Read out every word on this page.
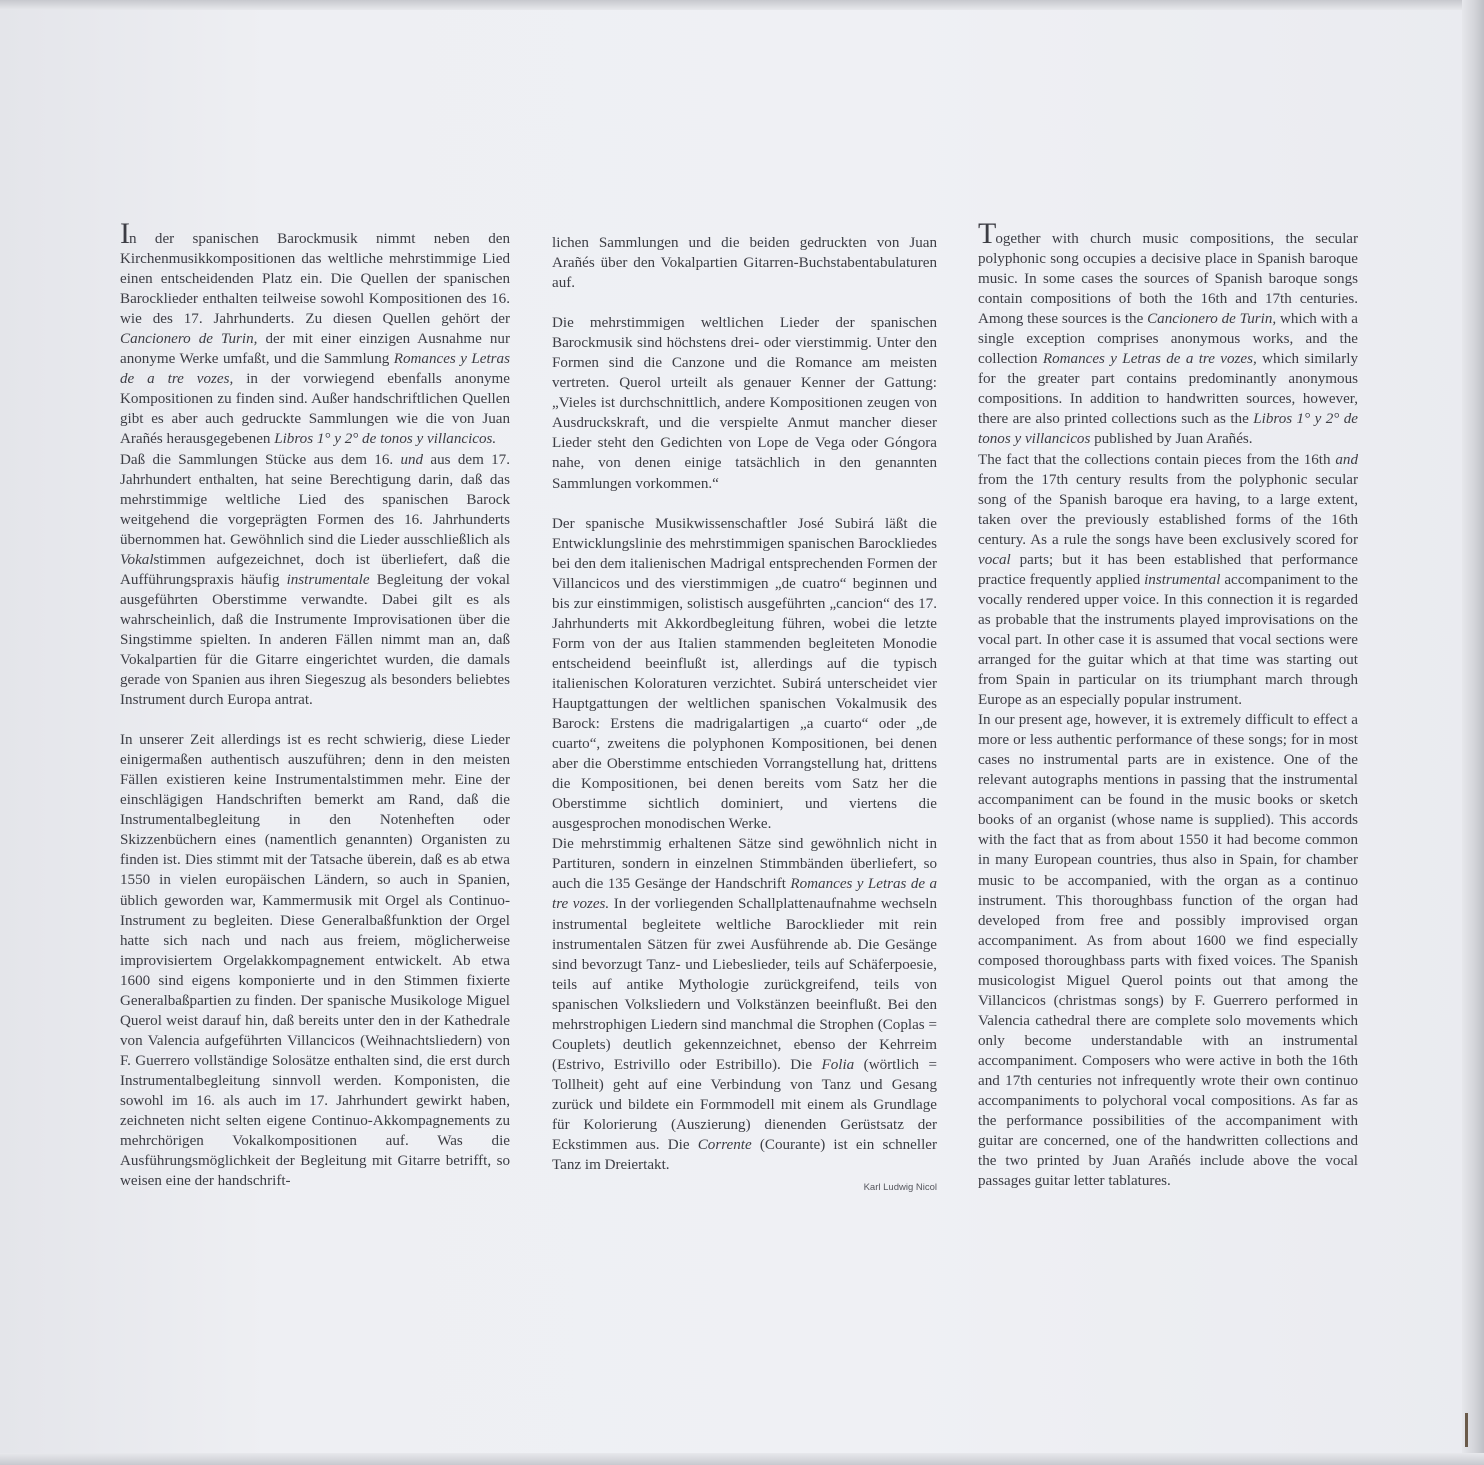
In der spanischen Barockmusik nimmt neben den Kirchenmusikkompositionen das weltliche mehrstimmige Lied einen entscheidenden Platz ein. Die Quellen der spanischen Barocklieder enthalten teilweise sowohl Kompositionen des 16. wie des 17. Jahrhunderts. Zu diesen Quellen gehört der Cancionero de Turin, der mit einer einzigen Ausnahme nur anonyme Werke umfaßt, und die Sammlung Romances y Letras de a tre vozes, in der vorwiegend ebenfalls anonyme Kompositionen zu finden sind. Außer handschriftlichen Quellen gibt es aber auch gedruckte Sammlungen wie die von Juan Arañés herausgegebenen Libros 1° y 2° de tonos y villancicos.

Daß die Sammlungen Stücke aus dem 16. und aus dem 17. Jahrhundert enthalten, hat seine Berechtigung darin, daß das mehrstimmige weltliche Lied des spanischen Barock weitgehend die vorgeprägten Formen des 16. Jahrhunderts übernommen hat. Gewöhnlich sind die Lieder ausschließlich als Vokalstimmen aufgezeichnet, doch ist überliefert, daß die Aufführungspraxis häufig instrumentale Begleitung der vokal ausgeführten Oberstimme verwandte. Dabei gilt es als wahrscheinlich, daß die Instrumente Improvisationen über die Singstimme spielten. In anderen Fällen nimmt man an, daß Vokalpartien für die Gitarre eingerichtet wurden, die damals gerade von Spanien aus ihren Siegeszug als besonders beliebtes Instrument durch Europa antrat.

In unserer Zeit allerdings ist es recht schwierig, diese Lieder einigermaßen authentisch auszuführen; denn in den meisten Fällen existieren keine Instrumentalstimmen mehr. Eine der einschlägigen Handschriften bemerkt am Rand, daß die Instrumentalbegleitung in den Notenheften oder Skizzenbüchern eines (namentlich genannten) Organisten zu finden ist. Dies stimmt mit der Tatsache überein, daß es ab etwa 1550 in vielen europäischen Ländern, so auch in Spanien, üblich geworden war, Kammermusik mit Orgel als Continuo-Instrument zu begleiten. Diese Generalbaßfunktion der Orgel hatte sich nach und nach aus freiem, möglicherweise improvisiertem Orgelakkompagnement entwickelt. Ab etwa 1600 sind eigens komponierte und in den Stimmen fixierte Generalbaßpartien zu finden. Der spanische Musikologe Miguel Querol weist darauf hin, daß bereits unter den in der Kathedrale von Valencia aufgeführten Villancicos (Weihnachtsliedern) von F. Guerrero vollständige Solosätze enthalten sind, die erst durch Instrumentalbegleitung sinnvoll werden. Komponisten, die sowohl im 16. als auch im 17. Jahrhundert gewirkt haben, zeichneten nicht selten eigene Continuo-Akkompagnements zu mehrchörigen Vokalkompositionen auf. Was die Ausführungsmöglichkeit der Begleitung mit Gitarre betrifft, so weisen eine der handschrift-

lichen Sammlungen und die beiden gedruckten von Juan Arañés über den Vokalpartien Gitarren-Buchstabentabulaturen auf.

Die mehrstimmigen weltlichen Lieder der spanischen Barockmusik sind höchstens drei- oder vierstimmig. Unter den Formen sind die Canzone und die Romance am meisten vertreten. Querol urteilt als genauer Kenner der Gattung: „Vieles ist durchschnittlich, andere Kompositionen zeugen von Ausdruckskraft, und die verspielte Anmut mancher dieser Lieder steht den Gedichten von Lope de Vega oder Góngora nahe, von denen einige tatsächlich in den genannten Sammlungen vorkommen.“

Der spanische Musikwissenschaftler José Subirá läßt die Entwicklungslinie des mehrstimmigen spanischen Barockliedes bei den dem italienischen Madrigal entsprechenden Formen der Villancicos und des vierstimmigen „de cuatro“ beginnen und bis zur einstimmigen, solistisch ausgeführten „cancion“ des 17. Jahrhunderts mit Akkordbegleitung führen, wobei die letzte Form von der aus Italien stammenden begleiteten Monodie entscheidend beeinflußt ist, allerdings auf die typisch italienischen Koloraturen verzichtet. Subirá unterscheidet vier Hauptgattungen der weltlichen spanischen Vokalmusik des Barock: Erstens die madrigalartigen „a cuarto“ oder „de cuarto“, zweitens die polyphonen Kompositionen, bei denen aber die Oberstimme entschieden Vorrangstellung hat, drittens die Kompositionen, bei denen bereits vom Satz her die Oberstimme sichtlich dominiert, und viertens die ausgesprochen monodischen Werke.

Die mehrstimmig erhaltenen Sätze sind gewöhnlich nicht in Partituren, sondern in einzelnen Stimmbänden überliefert, so auch die 135 Gesänge der Handschrift Romances y Letras de a tre vozes. In der vorliegenden Schallplattenaufnahme wechseln instrumental begleitete weltliche Barocklieder mit rein instrumentalen Sätzen für zwei Ausführende ab. Die Gesänge sind bevorzugt Tanz- und Liebeslieder, teils auf Schäferpoesie, teils auf antike Mythologie zurückgreifend, teils von spanischen Volksliedern und Volkstänzen beeinflußt. Bei den mehrstrophigen Liedern sind manchmal die Strophen (Coplas = Couplets) deutlich gekennzeichnet, ebenso der Kehrreim (Estrivo, Estrivillo oder Estribillo). Die Folia (wörtlich = Tollheit) geht auf eine Verbindung von Tanz und Gesang zurück und bildete ein Formmodell mit einem als Grundlage für Kolorierung (Auszierung) dienenden Gerüstsatz der Eckstimmen aus. Die Corrente (Courante) ist ein schneller Tanz im Dreiertakt.

Karl Ludwig Nicol

Together with church music compositions, the secular polyphonic song occupies a decisive place in Spanish baroque music. In some cases the sources of Spanish baroque songs contain compositions of both the 16th and 17th centuries. Among these sources is the Cancionero de Turin, which with a single exception comprises anonymous works, and the collection Romances y Letras de a tre vozes, which similarly for the greater part contains predominantly anonymous compositions. In addition to handwritten sources, however, there are also printed collections such as the Libros 1° y 2° de tonos y villancicos published by Juan Arañés.

The fact that the collections contain pieces from the 16th and from the 17th century results from the polyphonic secular song of the Spanish baroque era having, to a large extent, taken over the previously established forms of the 16th century. As a rule the songs have been exclusively scored for vocal parts; but it has been established that performance practice frequently applied instrumental accompaniment to the vocally rendered upper voice. In this connection it is regarded as probable that the instruments played improvisations on the vocal part. In other case it is assumed that vocal sections were arranged for the guitar which at that time was starting out from Spain in particular on its triumphant march through Europe as an especially popular instrument.

In our present age, however, it is extremely difficult to effect a more or less authentic performance of these songs; for in most cases no instrumental parts are in existence. One of the relevant autographs mentions in passing that the instrumental accompaniment can be found in the music books or sketch books of an organist (whose name is supplied). This accords with the fact that as from about 1550 it had become common in many European countries, thus also in Spain, for chamber music to be accompanied, with the organ as a continuo instrument. This thoroughbass function of the organ had developed from free and possibly improvised organ accompaniment. As from about 1600 we find especially composed thoroughbass parts with fixed voices. The Spanish musicologist Miguel Querol points out that among the Villancicos (christmas songs) by F. Guerrero performed in Valencia cathedral there are complete solo movements which only become understandable with an instrumental accompaniment. Composers who were active in both the 16th and 17th centuries not infrequently wrote their own continuo accompaniments to polychoral vocal compositions. As far as the performance possibilities of the accompaniment with guitar are concerned, one of the handwritten collections and the two printed by Juan Arañés include above the vocal passages guitar letter tablatures.
